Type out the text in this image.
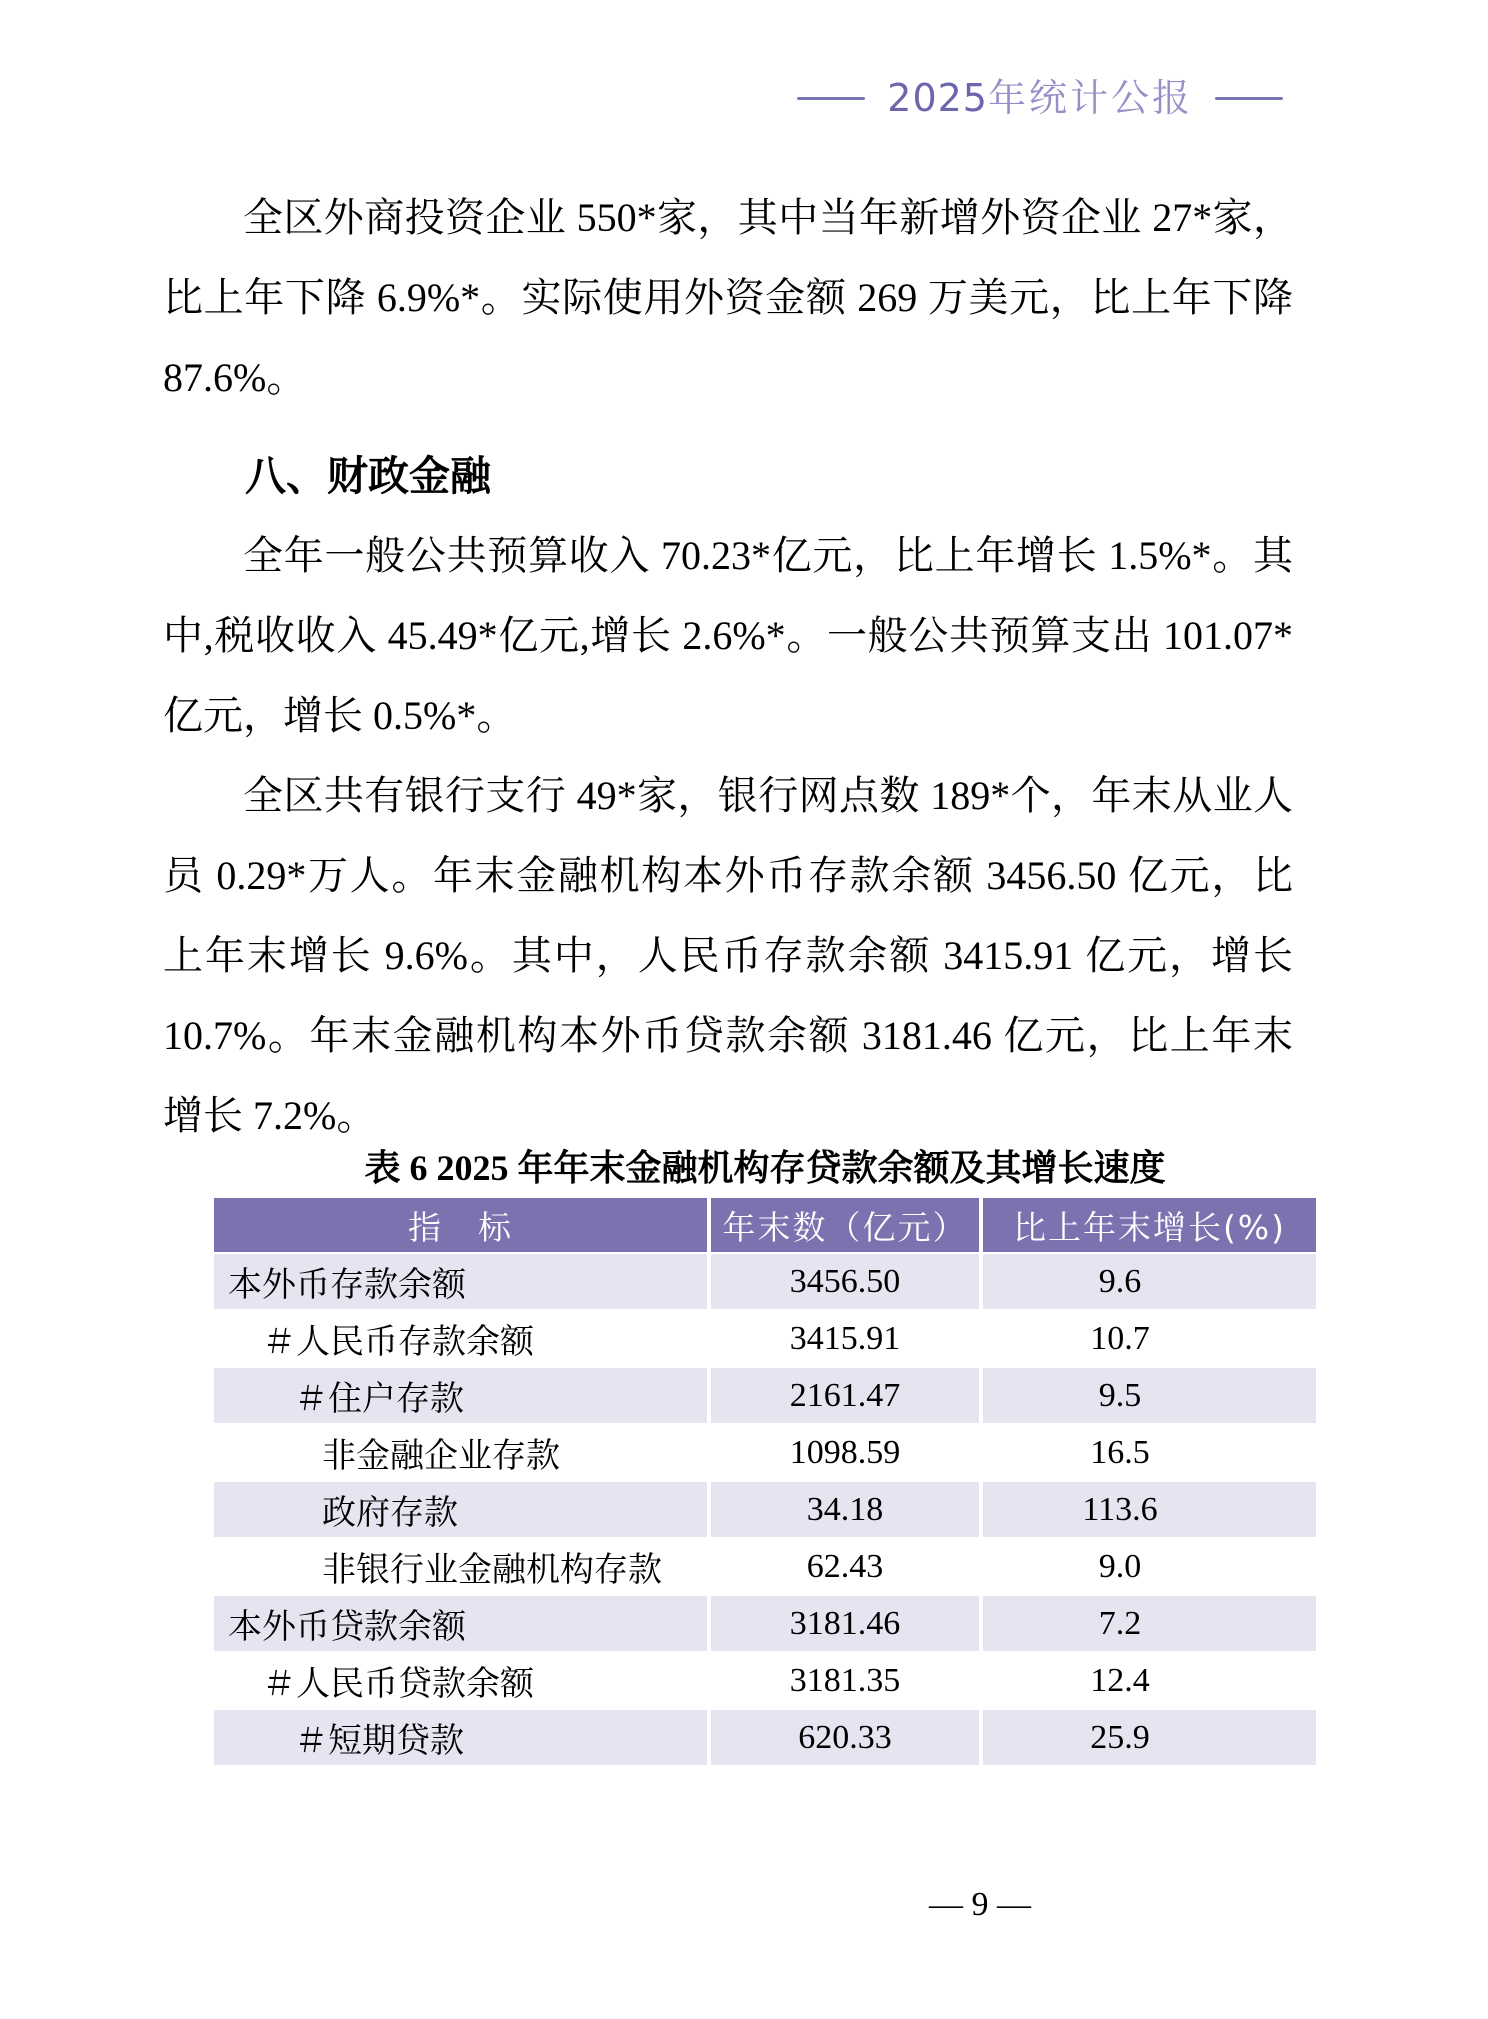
2025年统计公报
全区外商投资企业 550*家，其中当年新增外资企业 27*家，
比上年下降 6.9%*。实际使用外资金额 269 万美元，比上年下降
87.6%。
八、财政金融
全年一般公共预算收入 70.23*亿元，比上年增长 1.5%*。其
中,税收收入 45.49*亿元,增长 2.6%*。一般公共预算支出 101.07*
亿元，增长 0.5%*。
全区共有银行支行 49*家，银行网点数 189*个，年末从业人
员 0.29*万人。年末金融机构本外币存款余额 3456.50 亿元，比
上年末增长 9.6%。其中，人民币存款余额 3415.91 亿元，增长
10.7%。年末金融机构本外币贷款余额 3181.46 亿元，比上年末
增长 7.2%。
表 6 2025 年年末金融机构存贷款余额及其增长速度
指　标	年末数（亿元）	比上年末增长(%)
本外币存款余额	3456.50	9.6
＃人民币存款余额	3415.91	10.7
＃住户存款	2161.47	9.5
非金融企业存款	1098.59	16.5
政府存款	34.18	113.6
非银行业金融机构存款	62.43	9.0
本外币贷款余额	3181.46	7.2
＃人民币贷款余额	3181.35	12.4
＃短期贷款	620.33	25.9
— 9 —
